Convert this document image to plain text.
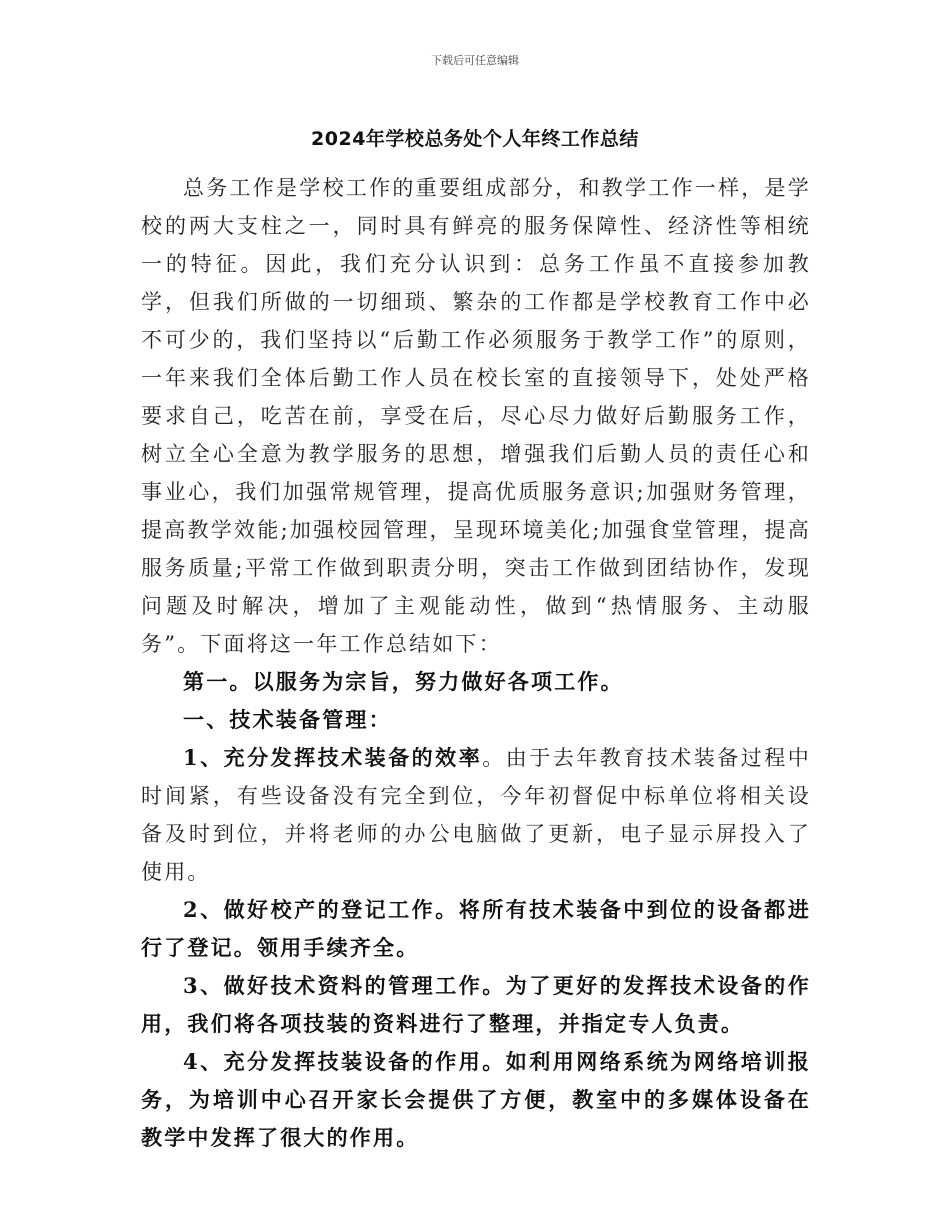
下载后可任意编辑
2024年学校总务处个人年终工作总结

总务工作是学校工作的重要组成部分，和教学工作一样，是学校的两大支柱之一，同时具有鲜亮的服务保障性、经济性等相统一的特征。因此，我们充分认识到：总务工作虽不直接参加教学，但我们所做的一切细琐、繁杂的工作都是学校教育工作中必不可少的，我们坚持以“后勤工作必须服务于教学工作”的原则，一年来我们全体后勤工作人员在校长室的直接领导下，处处严格要求自己，吃苦在前，享受在后，尽心尽力做好后勤服务工作，树立全心全意为教学服务的思想，增强我们后勤人员的责任心和事业心，我们加强常规管理，提高优质服务意识;加强财务管理，提高教学效能;加强校园管理，呈现环境美化;加强食堂管理，提高服务质量;平常工作做到职责分明，突击工作做到团结协作，发现问题及时解决，增加了主观能动性，做到“热情服务、主动服务”。下面将这一年工作总结如下：

第一。以服务为宗旨，努力做好各项工作。

一、技术装备管理：

1、充分发挥技术装备的效率。由于去年教育技术装备过程中时间紧，有些设备没有完全到位，今年初督促中标单位将相关设备及时到位，并将老师的办公电脑做了更新，电子显示屏投入了使用。

2、做好校产的登记工作。将所有技术装备中到位的设备都进行了登记。领用手续齐全。

3、做好技术资料的管理工作。为了更好的发挥技术设备的作用，我们将各项技装的资料进行了整理，并指定专人负责。

4、充分发挥技装设备的作用。如利用网络系统为网络培训报务，为培训中心召开家长会提供了方便，教室中的多媒体设备在教学中发挥了很大的作用。
